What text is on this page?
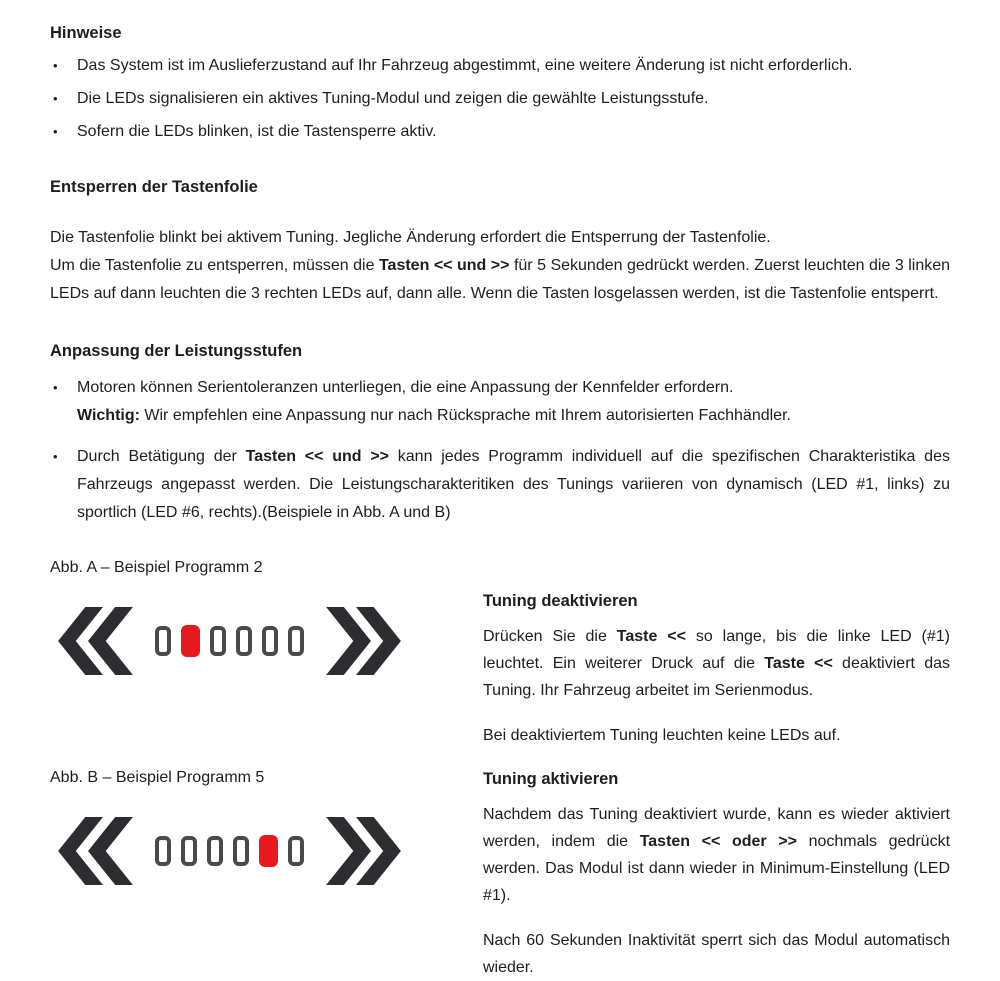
Hinweise
•	Das System ist im Auslieferzustand auf Ihr Fahrzeug abgestimmt, eine weitere Änderung ist nicht erforderlich.
•	Die LEDs signalisieren ein aktives Tuning-Modul und zeigen die gewählte Leistungsstufe.
•	Sofern die LEDs blinken, ist die Tastensperre aktiv.
Entsperren der Tastenfolie

Die Tastenfolie blinkt bei aktivem Tuning. Jegliche Änderung erfordert die Entsperrung der Tastenfolie.

Um die Tastenfolie zu entsperren, müssen die Tasten << und >> für 5 Sekunden gedrückt werden. Zuerst leuchten die 3 linken LEDs auf dann leuchten die 3 rechten LEDs auf, dann alle. Wenn die Tasten losgelassen werden, ist die Tastenfolie entsperrt.

Anpassung der Leistungsstufen
•	Motoren können Serientoleranzen unterliegen, die eine Anpassung der Kennfelder erfordern.
Wichtig: Wir empfehlen eine Anpassung nur nach Rücksprache mit Ihrem autorisierten Fachhändler.
•	Durch Betätigung der Tasten << und >> kann jedes Programm individuell auf die spezifischen Charakteristika des Fahrzeugs angepasst werden. Die Leistungscharakteritiken des Tunings variieren von dynamisch (LED #1, links) zu sportlich (LED #6, rechts).(Beispiele in Abb. A und B)
Abb. A – Beispiel Programm 2
Abb. B – Beispiel Programm 5
Tuning deaktivieren

Drücken Sie die Taste << so lange, bis die linke LED (#1) leuchtet. Ein weiterer Druck auf die Taste << deaktiviert das Tuning. Ihr Fahrzeug arbeitet im Serienmodus.

Bei deaktiviertem Tuning leuchten keine LEDs auf.

Tuning aktivieren

Nachdem das Tuning deaktiviert wurde, kann es wieder aktiviert werden, indem die Tasten << oder >> nochmals gedrückt werden. Das Modul ist dann wieder in Minimum-Einstellung (LED #1).

Nach 60 Sekunden Inaktivität sperrt sich das Modul automatisch wieder.
